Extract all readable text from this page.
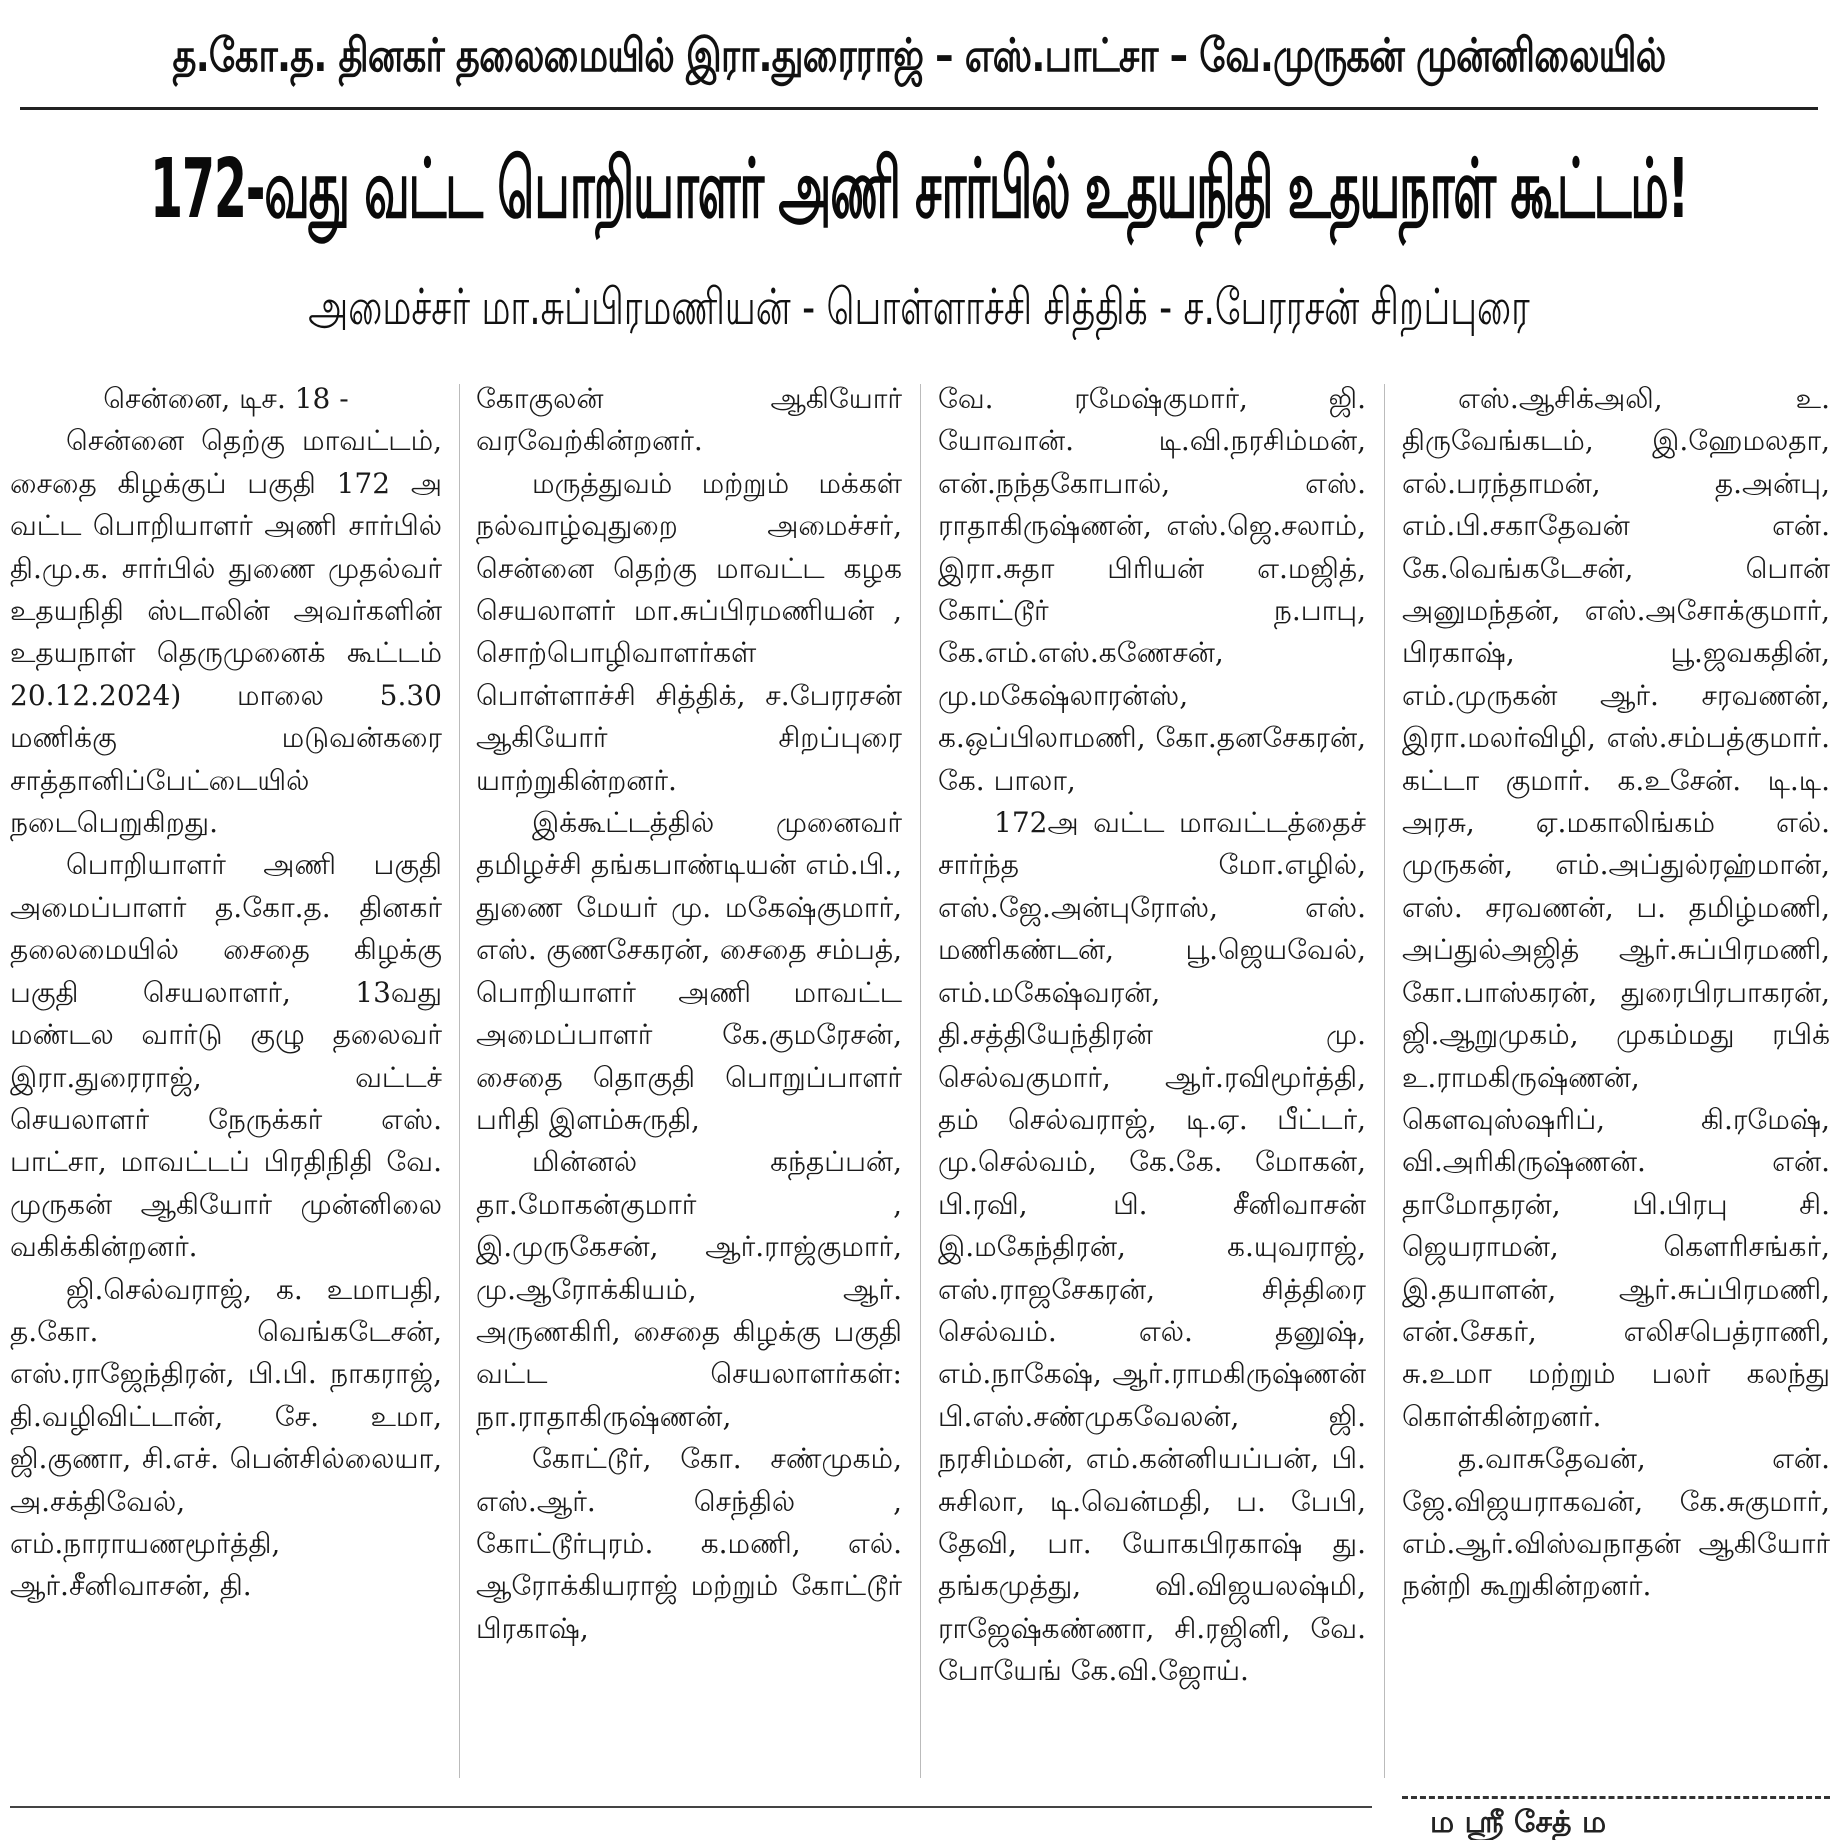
த.கோ.த. தினகர் தலைமையில் இரா.துரைராஜ் – எஸ்.பாட்சா – வே.முருகன் முன்னிலையில்
172-வது வட்ட பொறியாளர் அணி சார்பில் உதயநிதி உதயநாள் கூட்டம்!
அமைச்சர் மா.சுப்பிரமணியன் - பொள்ளாச்சி சித்திக் - ச.பேரரசன் சிறப்புரை

சென்னை, டிச. 18 -

சென்னை தெற்கு மாவட்டம், சைதை கிழக்குப் பகுதி 172 அ வட்ட பொறியாளர் அணி சார்பில் தி.மு.க. சார்பில் துணை முதல்வர் உதயநிதி ஸ்டாலின் அவர்களின் உதயநாள் தெருமுனைக் கூட்டம் 20.12.2024) மாலை 5.30 மணிக்கு மடுவன்கரை சாத்தானிப்பேட்டையில் நடைபெறுகிறது.

பொறியாளர் அணி பகுதி அமைப்பாளர் த.கோ.த. தினகர் தலைமையில் சைதை கிழக்கு பகுதி செயலாளர், 13வது மண்டல வார்டு குழு தலைவர் இரா.துரைராஜ், வட்டச் செயலாளர் நேருக்கர் எஸ். பாட்சா, மாவட்டப் பிரதிநிதி வே. முருகன் ஆகியோர் முன்னிலை வகிக்கின்றனர்.

ஜி.செல்வராஜ், க. உமாபதி, த.கோ. வெங்கடேசன், எஸ்.ராஜேந்திரன், பி.பி. நாகராஜ், தி.வழிவிட்டான், சே. உமா, ஜி.குணா, சி.எச். பென்சில்லையா, அ.சக்திவேல், எம்.நாராயணமூர்த்தி, ஆர்.சீனிவாசன், தி.

கோகுலன் ஆகியோர் வரவேற்கின்றனர்.

மருத்துவம் மற்றும் மக்கள் நல்வாழ்வுதுறை அமைச்சர், சென்னை தெற்கு மாவட்ட கழக செயலாளர் மா.சுப்பிரமணியன் , சொற்பொழிவாளர்கள் பொள்ளாச்சி சித்திக், ச.பேரரசன் ஆகியோர் சிறப்புரை யாற்றுகின்றனர்.

இக்கூட்டத்தில் முனைவர் தமிழச்சி தங்கபாண்டியன் எம்.பி., துணை மேயர் மு. மகேஷ்குமார், எஸ். குணசேகரன், சைதை சம்பத், பொறியாளர் அணி மாவட்ட அமைப்பாளர் கே.குமரேசன், சைதை தொகுதி பொறுப்பாளர் பரிதி இளம்சுருதி,

மின்னல் கந்தப்பன், தா.மோகன்குமார் , இ.முருகேசன், ஆர்.ராஜ்குமார், மு.ஆரோக்கியம், ஆர். அருணகிரி, சைதை கிழக்கு பகுதி வட்ட செயலாளர்கள்: நா.ராதாகிருஷ்ணன்,

கோட்டூர், கோ. சண்முகம், எஸ்.ஆர். செந்தில் , கோட்டூர்புரம். க.மணி, எல். ஆரோக்கியராஜ் மற்றும் கோட்டூர் பிரகாஷ்,

வே. ரமேஷ்குமார், ஜி. யோவான். டி.வி.நரசிம்மன், என்.நந்தகோபால், எஸ். ராதாகிருஷ்ணன், எஸ்.ஜெ.சலாம், இரா.சுதா பிரியன் எ.மஜித், கோட்டூர் ந.பாபு, கே.எம்.எஸ்.கணேசன், மு.மகேஷ்லாரன்ஸ், க.ஒப்பிலாமணி, கோ.தனசேகரன், கே. பாலா,

172அ வட்ட மாவட்டத்தைச் சார்ந்த மோ.எழில், எஸ்.ஜே.அன்புரோஸ், எஸ். மணிகண்டன், பூ.ஜெயவேல், எம்.மகேஷ்வரன், தி.சத்தியேந்திரன் மு. செல்வகுமார், ஆர்.ரவிமூர்த்தி, தம் செல்வராஜ், டி.ஏ. பீட்டர், மு.செல்வம், கே.கே. மோகன், பி.ரவி, பி. சீனிவாசன் இ.மகேந்திரன், க.யுவராஜ், எஸ்.ராஜசேகரன், சித்திரை செல்வம். எல். தனுஷ், எம்.நாகேஷ், ஆர்.ராமகிருஷ்ணன் பி.எஸ்.சண்முகவேலன், ஜி. நரசிம்மன், எம்.கன்னியப்பன், பி. சுசிலா, டி.வென்மதி, ப. பேபி, தேவி, பா. யோகபிரகாஷ் து. தங்கமுத்து, வி.விஜயலஷ்மி, ராஜேஷ்கண்ணா, சி.ரஜினி, வே. போயேங் கே.வி.ஜோய்.

எஸ்.ஆசிக்அலி, உ. திருவேங்கடம், இ.ஹேமலதா, எல்.பரந்தாமன், த.அன்பு, எம்.பி.சகாதேவன் என். கே.வெங்கடேசன், பொன் அனுமந்தன், எஸ்.அசோக்குமார், பிரகாஷ், பூ.ஜவகதின், எம்.முருகன் ஆர். சரவணன், இரா.மலர்விழி, எஸ்.சம்பத்குமார். கட்டா குமார். க.உசேன். டி.டி. அரசு, ஏ.மகாலிங்கம் எல். முருகன், எம்.அப்துல்ரஹ்மான், எஸ். சரவணன், ப. தமிழ்மணி, அப்துல்அஜித் ஆர்.சுப்பிரமணி, கோ.பாஸ்கரன், துரைபிரபாகரன், ஜி.ஆறுமுகம், முகம்மது ரபிக் உ.ராமகிருஷ்ணன், கௌவுஸ்ஷரிப், கி.ரமேஷ், வி.அரிகிருஷ்ணன். என். தாமோதரன், பி.பிரபு சி. ஜெயராமன், கௌரிசங்கர், இ.தயாளன், ஆர்.சுப்பிரமணி, என்.சேகர், எலிசபெத்ராணி, சு.உமா மற்றும் பலர் கலந்து கொள்கின்றனர்.

த.வாசுதேவன், என். ஜே.விஜயராகவன், கே.சுகுமார், எம்.ஆர்.விஸ்வநாதன் ஆகியோர் நன்றி கூறுகின்றனர்.

ம ஸ்ரீ சேத் ம
